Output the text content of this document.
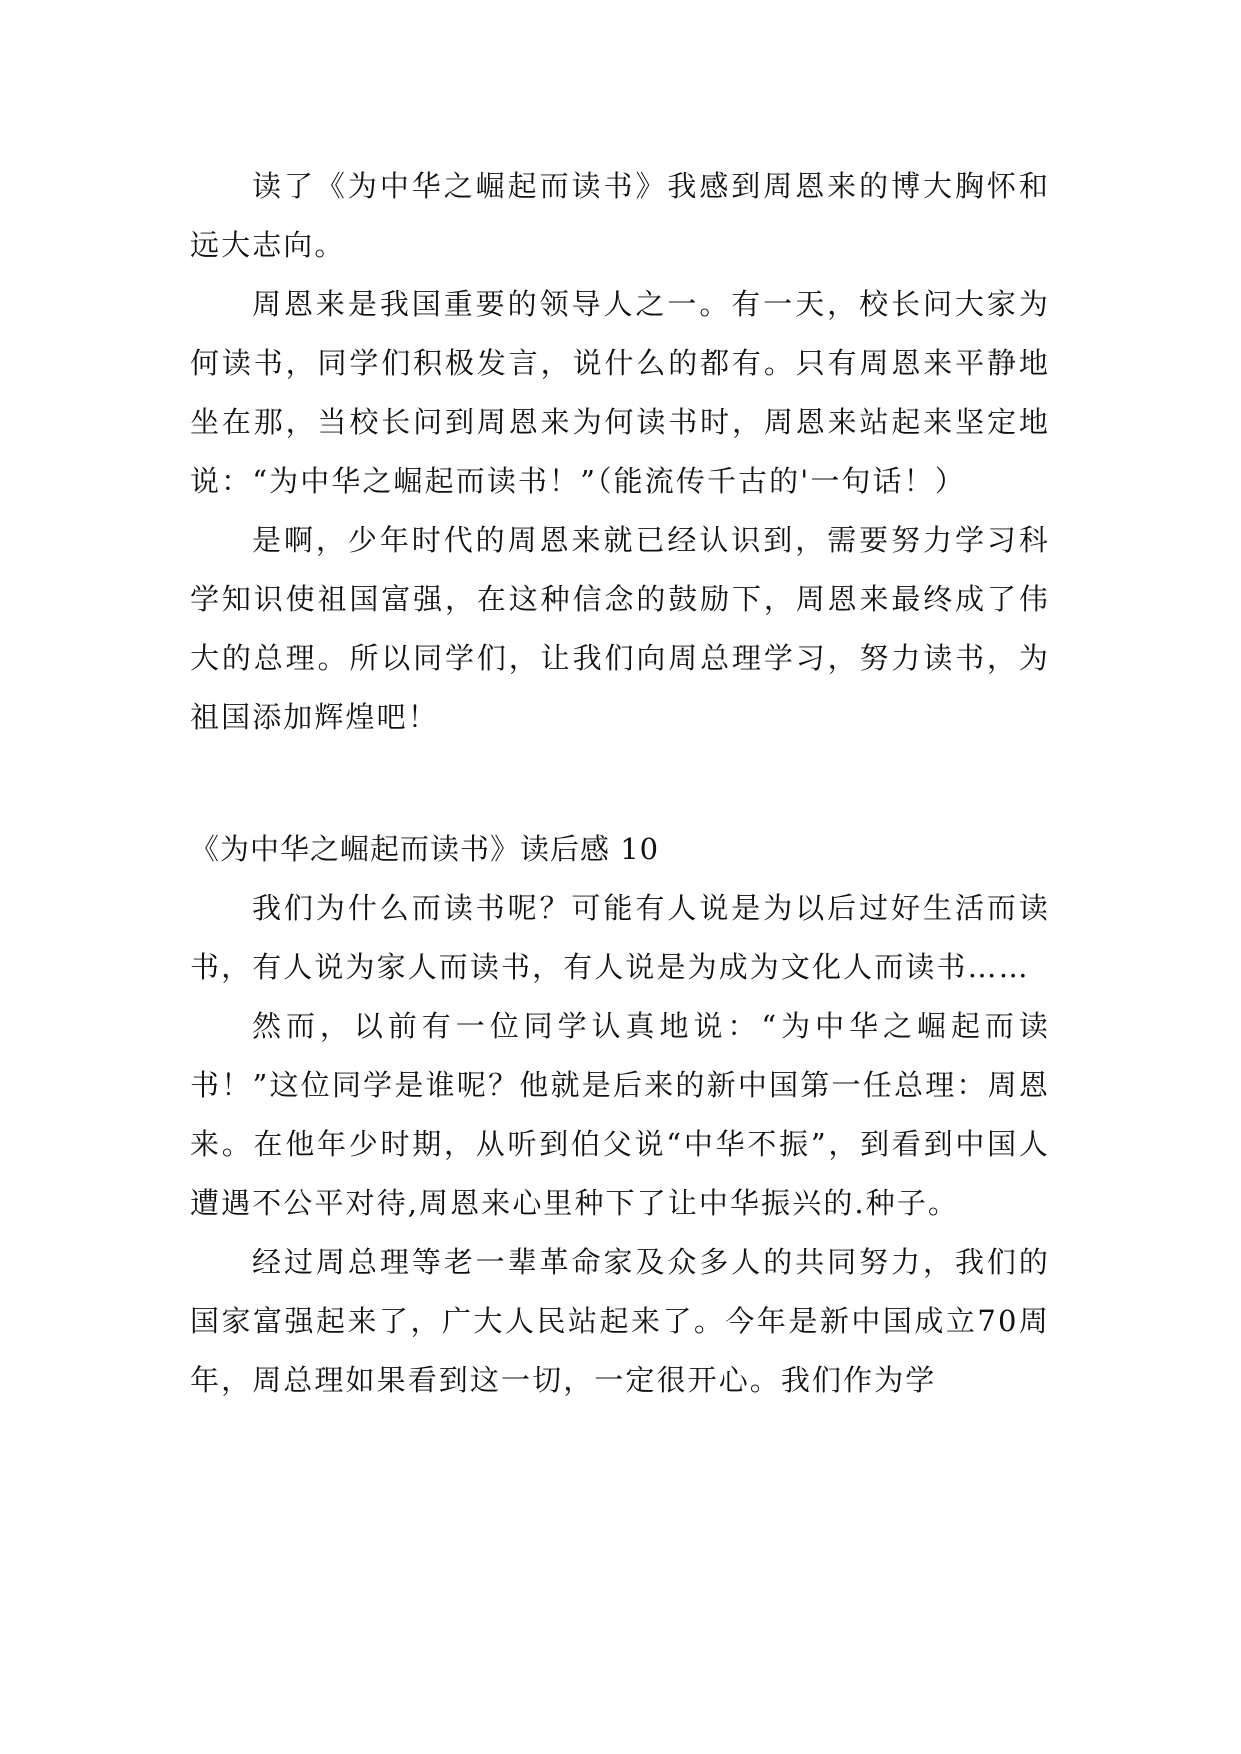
读了《为中华之崛起而读书》我感到周恩来的博大胸怀和远大志向。

周恩来是我国重要的领导人之一。有一天，校长问大家为何读书，同学们积极发言，说什么的都有。只有周恩来平静地坐在那，当校长问到周恩来为何读书时，周恩来站起来坚定地说：“为中华之崛起而读书！”（能流传千古的'一句话！）

是啊，少年时代的周恩来就已经认识到，需要努力学习科学知识使祖国富强，在这种信念的鼓励下，周恩来最终成了伟大的总理。所以同学们，让我们向周总理学习，努力读书，为祖国添加辉煌吧！

《为中华之崛起而读书》读后感 10

我们为什么而读书呢？可能有人说是为以后过好生活而读书，有人说为家人而读书，有人说是为成为文化人而读书……

然而，以前有一位同学认真地说：“为中华之崛起而读书！”这位同学是谁呢？他就是后来的新中国第一任总理：周恩来。在他年少时期，从听到伯父说“中华不振”，到看到中国人遭遇不公平对待,周恩来心里种下了让中华振兴的.种子。

经过周总理等老一辈革命家及众多人的共同努力，我们的国家富强起来了，广大人民站起来了。今年是新中国成立70周年，周总理如果看到这一切，一定很开心。我们作为学
